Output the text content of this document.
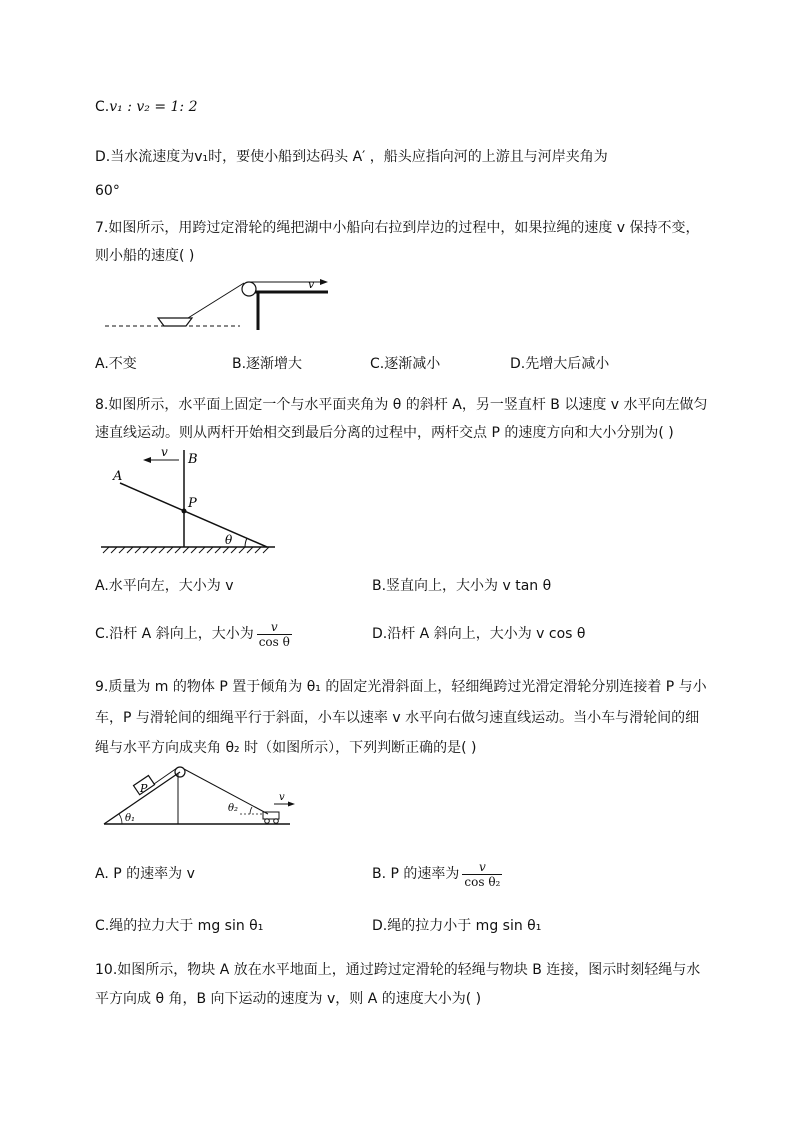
C.v₁ : v₂ = 1: 2
D.当水流速度为v₁时，要使小船到达码头 A′ ，船头应指向河的上游且与河岸夹角为
60°
7.如图所示，用跨过定滑轮的绳把湖中小船向右拉到岸边的过程中，如果拉绳的速度 v 保持不变，
则小船的速度( )
v
A.不变	B.逐渐增大	C.逐渐减小	D.先增大后减小
8.如图所示，水平面上固定一个与水平面夹角为 θ 的斜杆 A，另一竖直杆 B 以速度 v 水平向左做匀
速直线运动。则从两杆开始相交到最后分离的过程中，两杆交点 P 的速度方向和大小分别为( )
v B
A
P
θ
A.水平向左，大小为 v	B.竖直向上，大小为 v tan θ
C.沿杆 A 斜向上，大小为 $\frac{v}{\text{cos θ}}$	D.沿杆 A 斜向上，大小为 v cos θ
9.质量为 m 的物体 P 置于倾角为 θ₁ 的固定光滑斜面上，轻细绳跨过光滑定滑轮分别连接着 P 与小
车，P 与滑轮间的细绳平行于斜面，小车以速率 v 水平向右做匀速直线运动。当小车与滑轮间的细
绳与水平方向成夹角 θ₂ 时（如图所示），下列判断正确的是( )
P
v
θ₂
θ₁
A. P 的速率为 v	B. P 的速率为 $\frac{v}{\text{cos θ₂}}$
C.绳的拉力大于 mg sin θ₁	D.绳的拉力小于 mg sin θ₁
10.如图所示，物块 A 放在水平地面上，通过跨过定滑轮的轻绳与物块 B 连接，图示时刻轻绳与水
平方向成 θ 角，B 向下运动的速度为 v，则 A 的速度大小为( )
